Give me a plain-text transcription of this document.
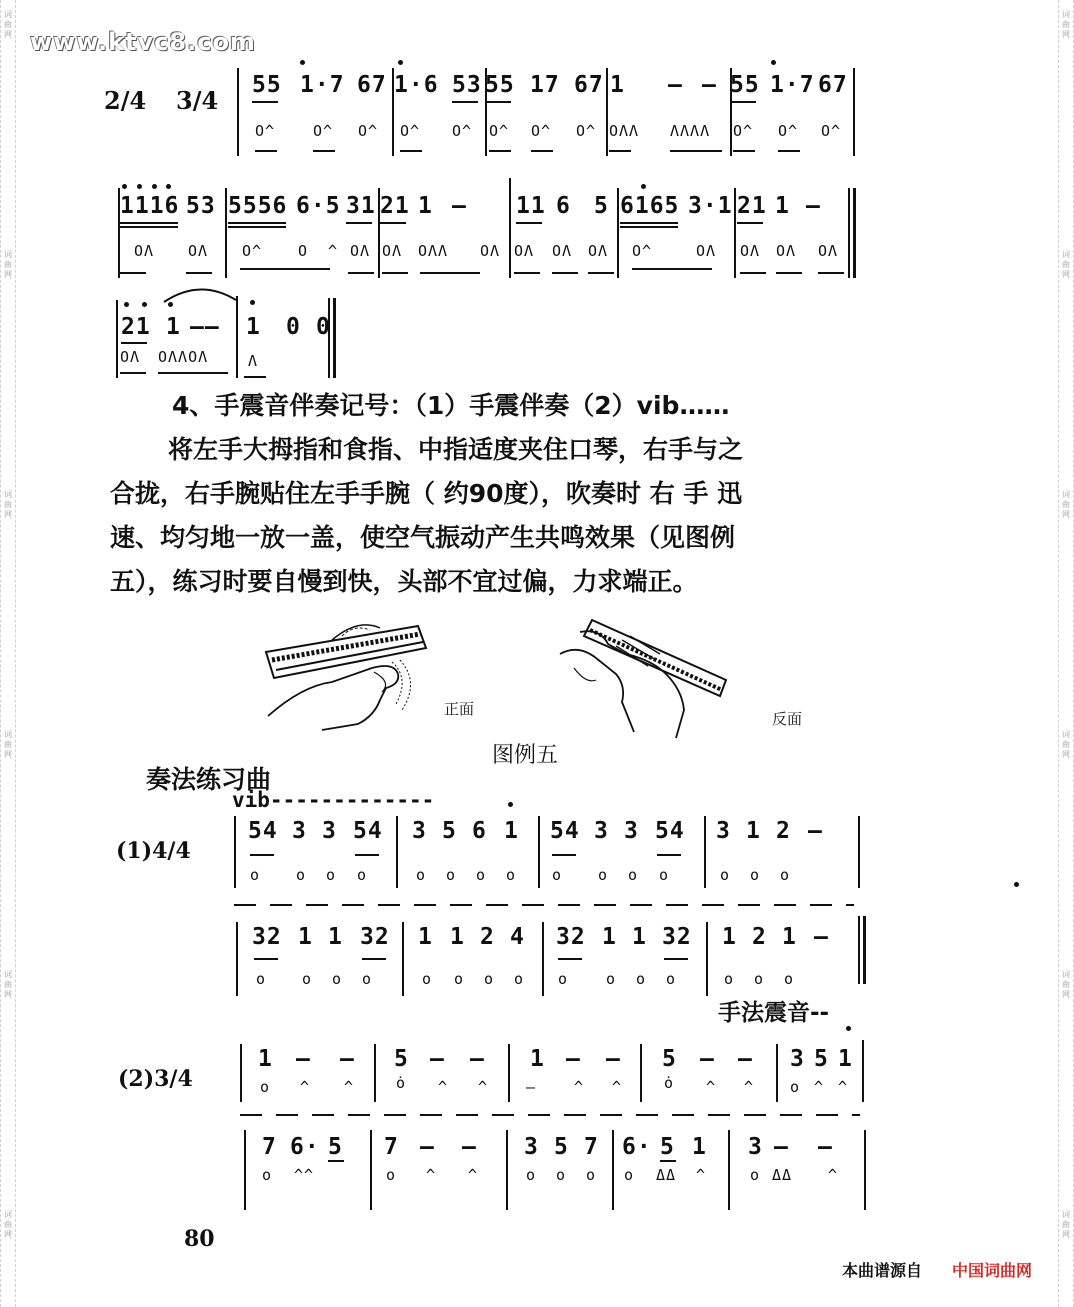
词曲网
词曲网
词曲网
词曲网
词曲网
词曲网
词曲网
词曲网
词曲网
词曲网
词曲网
词曲网
www.ktvc8.com
2/4 3/4
55 1·7 67 1·6 53 55 17 67 1 — — 55 1·7 67
O^	O^ O^ O^ O^ O^ O^ O^ OΛΛ ΛΛΛΛ O^ O^ O^
1116 53 5556 6·5 31 21 1 — 11 6 5 6165 3·1 21 1 —
OΛ OΛ O^ O ^ OΛ OΛ OΛΛ OΛ OΛ OΛ OΛ O^	OΛ OΛ OΛ OΛ
21 1 —— 1 0 0
OΛ OΛΛOΛ	Λ
4、手震音伴奏记号：（1）手震伴奏（2）vib……
将左手大拇指和食指、中指适度夹住口琴，右手与之
合拢，右手腕贴住左手手腕（ 约90度），吹奏时 右 手 迅
速、均匀地一放一盖，使空气振动产生共鸣效果（见图例
五），练习时要自慢到快，头部不宜过偏，力求端正。
正面
反面
图例五
奏法练习曲
vib-------------
(1)4/4
54 3 3 54 3 5 6 1 54 3 3 54 3 1 2 —
o o o o	o o o o o o o o	o o o
32 1 1 32 1 1 2 4 32 1 1 32 1 2 1 —
o o o o	o o o o o	o o o	o o o
手法震音--
(2)3/4
1 — — 5 — — 1 — — 5 — — 3 5 1
o ^ ^	ȯ ^ ^	—	^ ^	ȯ ^ ^ o ^ ^
7 6· 5 7 — — 3 5 7 6· 5 1 3 — —
o ^^	o ^ ^	o o o o ΔΔ ^	o ΔΔ ^
80
本曲谱源自 中国词曲网
